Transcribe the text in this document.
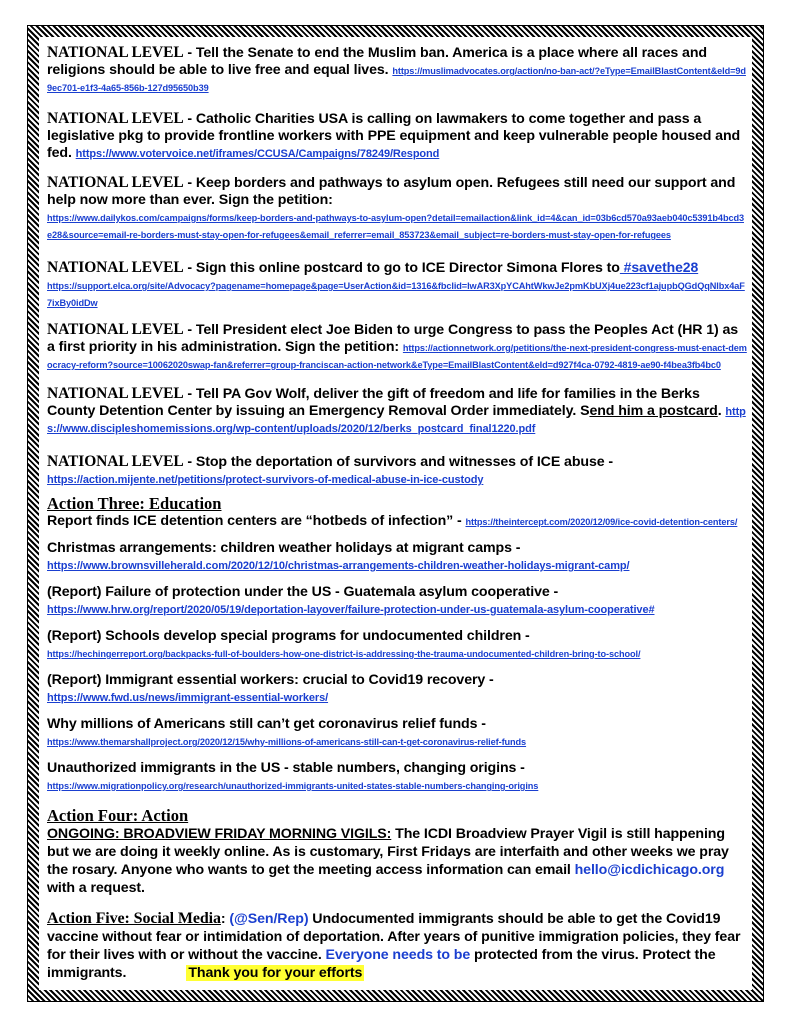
NATIONAL LEVEL - Tell the Senate to end the Muslim ban. America is a place where all races and religions should be able to live free and equal lives. https://muslimadvocates.org/action/no-ban-act/?eType=EmailBlastContent&eId=9d9ec701-e1f3-4a65-856b-127d95650b39
NATIONAL LEVEL - Catholic Charities USA is calling on lawmakers to come together and pass a legislative pkg to provide frontline workers with PPE equipment and keep vulnerable people housed and fed. https://www.votervoice.net/iframes/CCUSA/Campaigns/78249/Respond
NATIONAL LEVEL - Keep borders and pathways to asylum open. Refugees still need our support and help now more than ever. Sign the petition:
https://www.dailykos.com/campaigns/forms/keep-borders-and-pathways-to-asylum-open?detail=emailaction&link_id=4&can_id=03b6cd570a93aeb040c5391b4bcd3e28&source=email-re-borders-must-stay-open-for-refugees&email_referrer=email_853723&email_subject=re-borders-must-stay-open-for-refugees
NATIONAL LEVEL - Sign this online postcard to go to ICE Director Simona Flores to #savethe28
https://support.elca.org/site/Advocacy?pagename=homepage&page=UserAction&id=1316&fbclid=IwAR3XpYCAhtWkwJe2pmKbUXj4ue223cf1ajupbQGdQqNlbx4aF7ixBy0idDw
NATIONAL LEVEL - Tell President elect Joe Biden to urge Congress to pass the Peoples Act (HR 1) as a first priority in his administration. Sign the petition: https://actionnetwork.org/petitions/the-next-president-congress-must-enact-democracy-reform?source=10062020swap-fan&referrer=group-franciscan-action-network&eType=EmailBlastContent&eId=d927f4ca-0792-4819-ae90-f4bea3fb4bc0
NATIONAL LEVEL - Tell PA Gov Wolf, deliver the gift of freedom and life for families in the Berks County Detention Center by issuing an Emergency Removal Order immediately. Send him a postcard. https://www.discipleshomemissions.org/wp-content/uploads/2020/12/berks_postcard_final1220.pdf
NATIONAL LEVEL - Stop the deportation of survivors and witnesses of ICE abuse -
https://action.mijente.net/petitions/protect-survivors-of-medical-abuse-in-ice-custody
Action Three: Education
Report finds ICE detention centers are “hotbeds of infection” - https://theintercept.com/2020/12/09/ice-covid-detention-centers/
Christmas arrangements: children weather holidays at migrant camps -
https://www.brownsvilleherald.com/2020/12/10/christmas-arrangements-children-weather-holidays-migrant-camp/
(Report) Failure of protection under the US - Guatemala asylum cooperative -
https://www.hrw.org/report/2020/05/19/deportation-layover/failure-protection-under-us-guatemala-asylum-cooperative#
(Report) Schools develop special programs for undocumented children -
https://hechingerreport.org/backpacks-full-of-boulders-how-one-district-is-addressing-the-trauma-undocumented-children-bring-to-school/
(Report) Immigrant essential workers: crucial to Covid19 recovery -
https://www.fwd.us/news/immigrant-essential-workers/
Why millions of Americans still can’t get coronavirus relief funds -
https://www.themarshallproject.org/2020/12/15/why-millions-of-americans-still-can-t-get-coronavirus-relief-funds
Unauthorized immigrants in the US - stable numbers, changing origins -
https://www.migrationpolicy.org/research/unauthorized-immigrants-united-states-stable-numbers-changing-origins
Action Four: Action
ONGOING: BROADVIEW FRIDAY MORNING VIGILS: The ICDI Broadview Prayer Vigil is still happening but we are doing it weekly online. As is customary, First Fridays are interfaith and other weeks we pray the rosary. Anyone who wants to get the meeting access information can email hello@icdichicago.org with a request.
Action Five: Social Media: (@Sen/Rep) Undocumented immigrants should be able to get the Covid19 vaccine without fear or intimidation of deportation. After years of punitive immigration policies, they fear for their lives with or without the vaccine. Everyone needs to be protected from the virus. Protect the immigrants.	Thank you for your efforts
